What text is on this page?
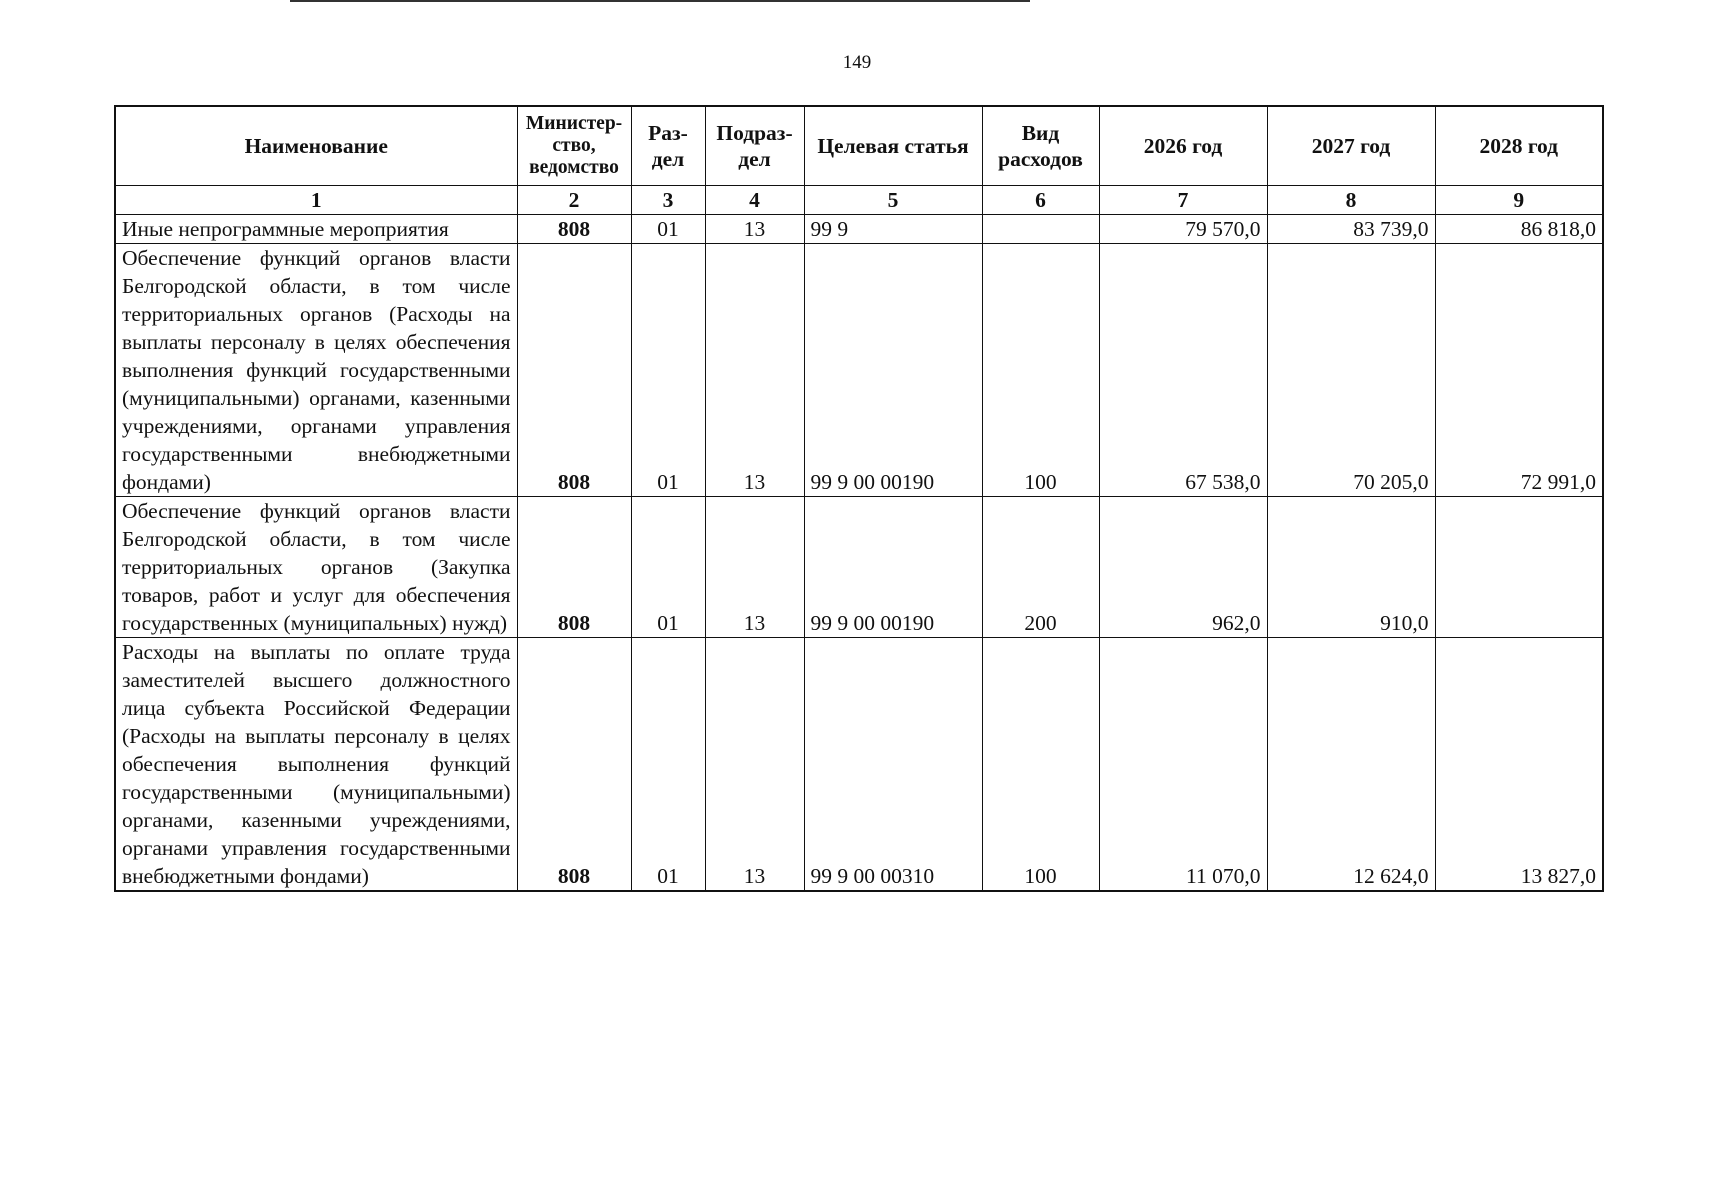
149
Наименование	Министер-ство, ведомство	Раз-дел	Подраз-дел	Целевая статья	Вид расходов	2026 год	2027 год	2028 год
1	2	3	4	5	6	7	8	9
Иные непрограммные мероприятия	808	01	13	99 9		79 570,0	83 739,0	86 818,0
Обеспечение функций органов власти Белгородской области, в том числе территориальных органов (Расходы на выплаты персоналу в целях обеспечения выполнения функций государственными (муниципальными) органами, казенными учреждениями, органами управления государственными внебюджетными фондами)	808	01	13	99 9 00 00190	100	67 538,0	70 205,0	72 991,0
Обеспечение функций органов власти Белгородской области, в том числе территориальных органов (Закупка товаров, работ и услуг для обеспечения государственных (муниципальных) нужд)	808	01	13	99 9 00 00190	200	962,0	910,0	
Расходы на выплаты по оплате труда заместителей высшего должностного лица субъекта Российской Федерации (Расходы на выплаты персоналу в целях обеспечения выполнения функций государственными (муниципальными) органами, казенными учреждениями, органами управления государственными внебюджетными фондами)	808	01	13	99 9 00 00310	100	11 070,0	12 624,0	13 827,0
